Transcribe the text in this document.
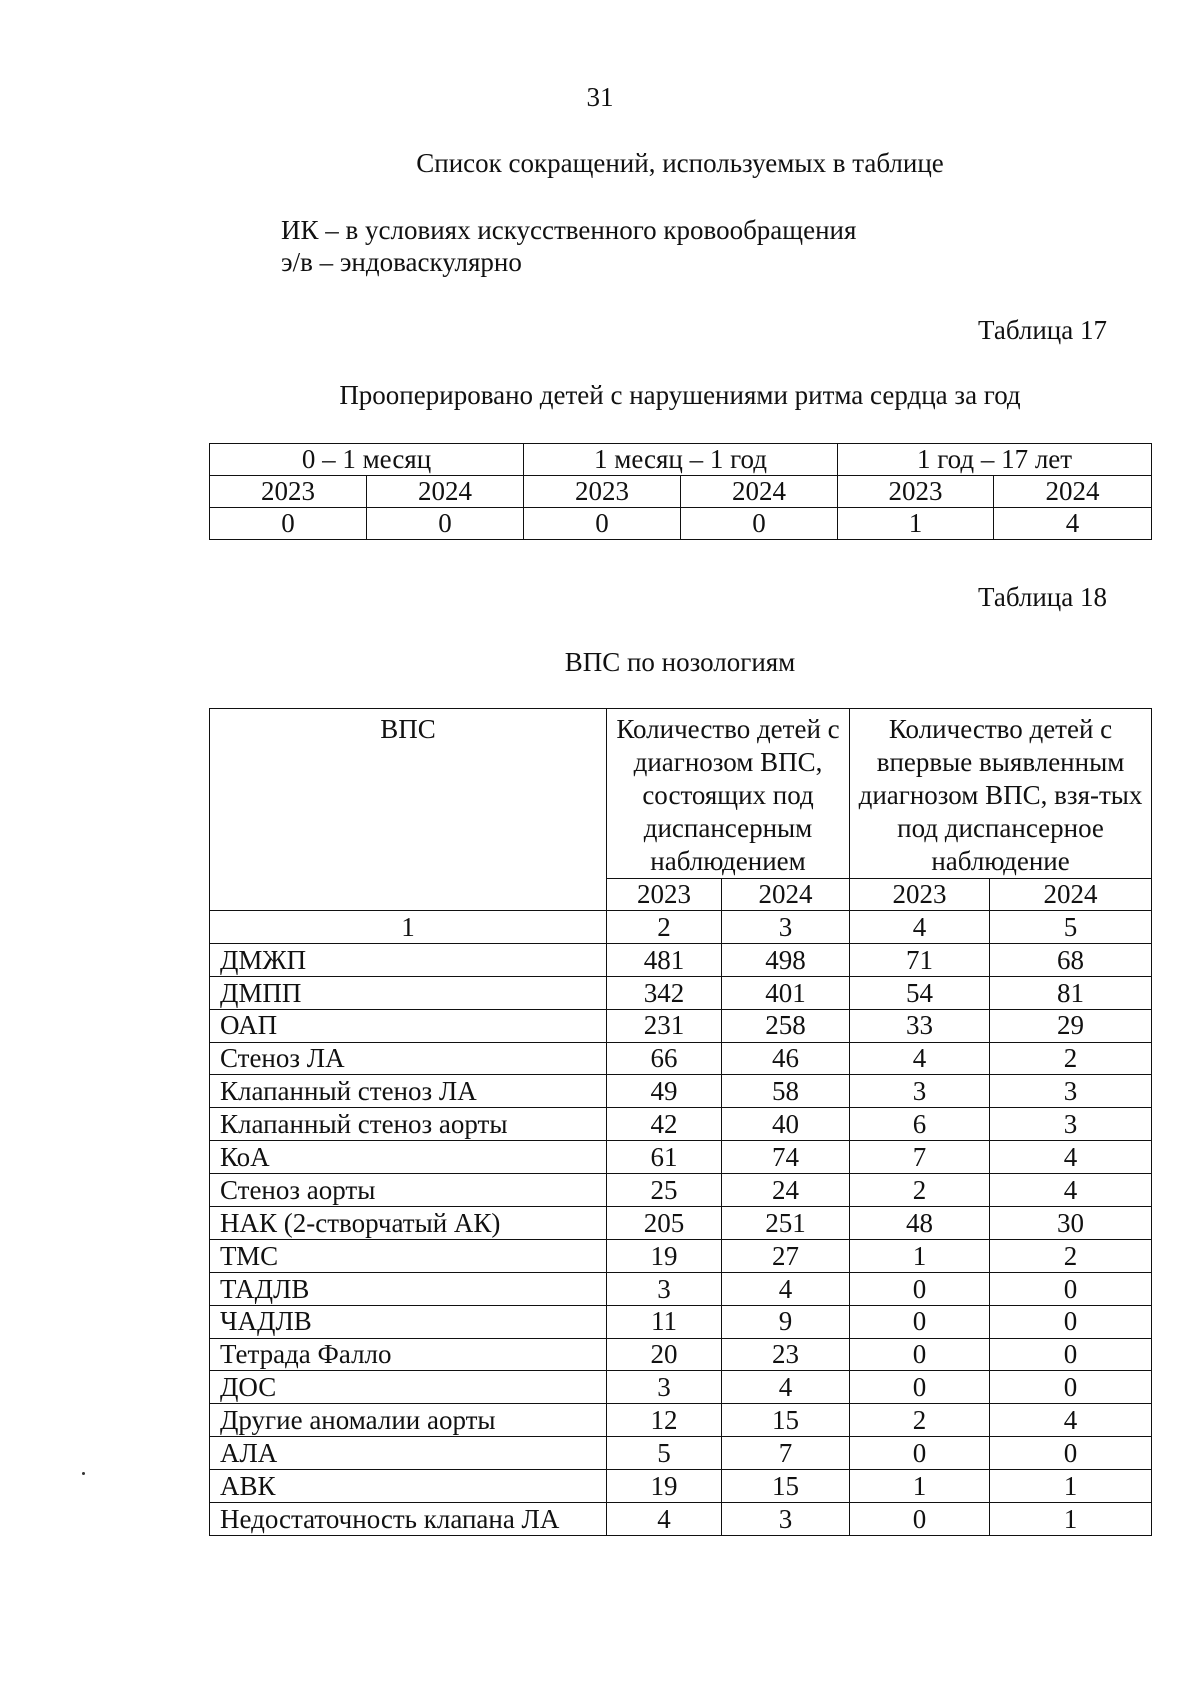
31
Список сокращений, используемых в таблице
ИК – в условиях искусственного кровообращения
э/в – эндоваскулярно
Таблица 17
Прооперировано детей с нарушениями ритма сердца за год
0 – 1 месяц		1 месяц – 1 год		1 год – 17 лет	
2023	2024	2023	2024	2023	2024
0	0	0	0	1	4
Таблица 18
ВПС по нозологиям
ВПС	Количество детей с диагнозом ВПС, состоящих под диспансерным наблюдением		Количество детей с впервые выявленным диагнозом ВПС, взя-тых под диспансерное наблюдение	
	2023	2024	2023	2024
1	2	3	4	5
ДМЖП	481	498	71	68
ДМПП	342	401	54	81
ОАП	231	258	33	29
Стеноз ЛА	66	46	4	2
Клапанный стеноз ЛА	49	58	3	3
Клапанный стеноз аорты	42	40	6	3
КоА	61	74	7	4
Стеноз аорты	25	24	2	4
НАК (2-створчатый АК)	205	251	48	30
ТМС	19	27	1	2
ТАДЛВ	3	4	0	0
ЧАДЛВ	11	9	0	0
Тетрада Фалло	20	23	0	0
ДОС	3	4	0	0
Другие аномалии аорты	12	15	2	4
АЛА	5	7	0	0
АВК	19	15	1	1
Недостаточность клапана ЛА	4	3	0	1
